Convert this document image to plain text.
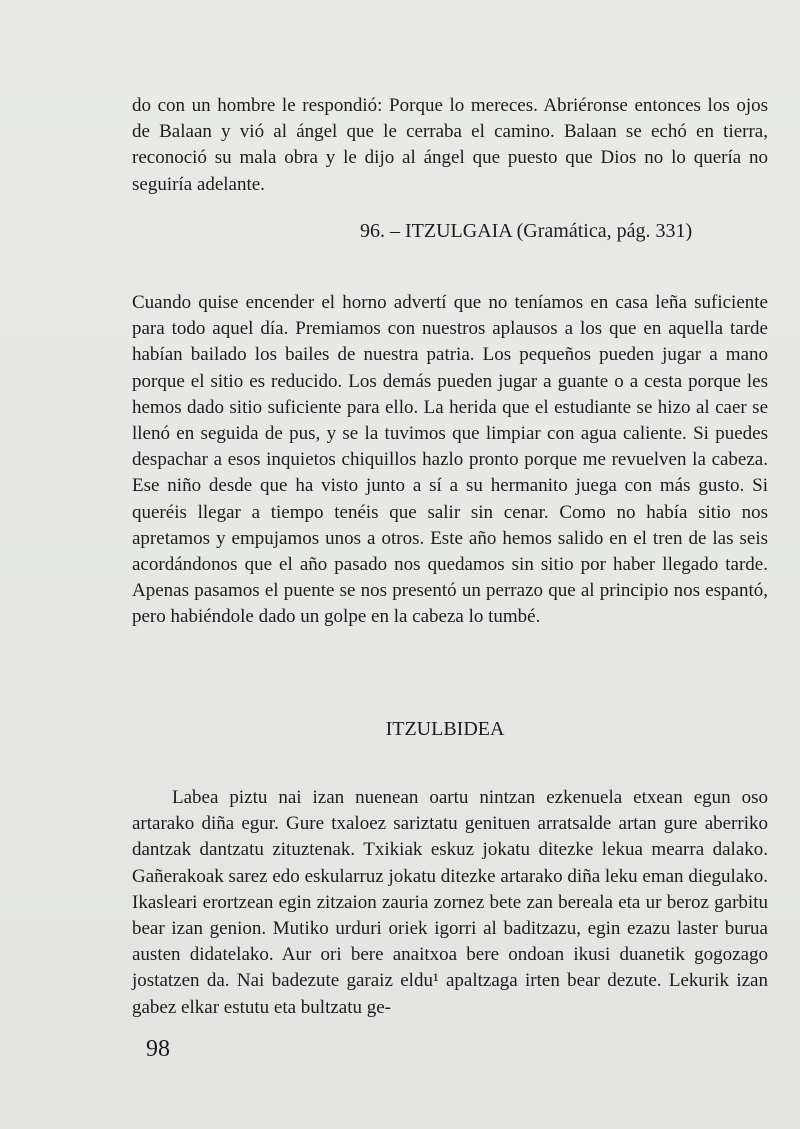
do con un hombre le respondió: Porque lo mereces. Abriéronse entonces los ojos de Balaan y vió al ángel que le cerraba el camino. Balaan se echó en tierra, reconoció su mala obra y le dijo al ángel que puesto que Dios no lo quería no seguiría adelante.

96. – ITZULGAIA (Gramática, pág. 331)

Cuando quise encender el horno advertí que no teníamos en casa leña suficiente para todo aquel día. Premiamos con nuestros aplausos a los que en aquella tarde habían bailado los bailes de nuestra patria. Los pequeños pueden jugar a mano porque el sitio es reducido. Los demás pueden jugar a guante o a cesta porque les hemos dado sitio suficiente para ello. La herida que el estudiante se hizo al caer se llenó en seguida de pus, y se la tuvimos que limpiar con agua caliente. Si puedes despachar a esos inquietos chiquillos hazlo pronto porque me revuelven la cabeza. Ese niño desde que ha visto junto a sí a su hermanito juega con más gusto. Si queréis llegar a tiempo tenéis que salir sin cenar. Como no había sitio nos apretamos y empujamos unos a otros. Este año hemos salido en el tren de las seis acordándonos que el año pasado nos quedamos sin sitio por haber llegado tarde. Apenas pasamos el puente se nos presentó un perrazo que al principio nos espantó, pero habiéndole dado un golpe en la cabeza lo tumbé.

ITZULBIDEA

Labea piztu nai izan nuenean oartu nintzan ezkenuela etxean egun oso artarako diña egur. Gure txaloez sariztatu genituen arratsalde artan gure aberriko dantzak dantzatu zituztenak. Txikiak eskuz jokatu ditezke lekua mearra dalako. Gañerakoak sarez edo eskularruz jokatu ditezke artarako diña leku eman diegulako. Ikasleari erortzean egin zitzaion zauria zornez bete zan bereala eta ur beroz garbitu bear izan genion. Mutiko urduri oriek igorri al baditzazu, egin ezazu laster burua austen didatelako. Aur ori bere anaitxoa bere ondoan ikusi duanetik gogozago jostatzen da. Nai badezute garaiz eldu¹ apaltzaga irten bear dezute. Lekurik izan gabez elkar estutu eta bultzatu ge-

98
